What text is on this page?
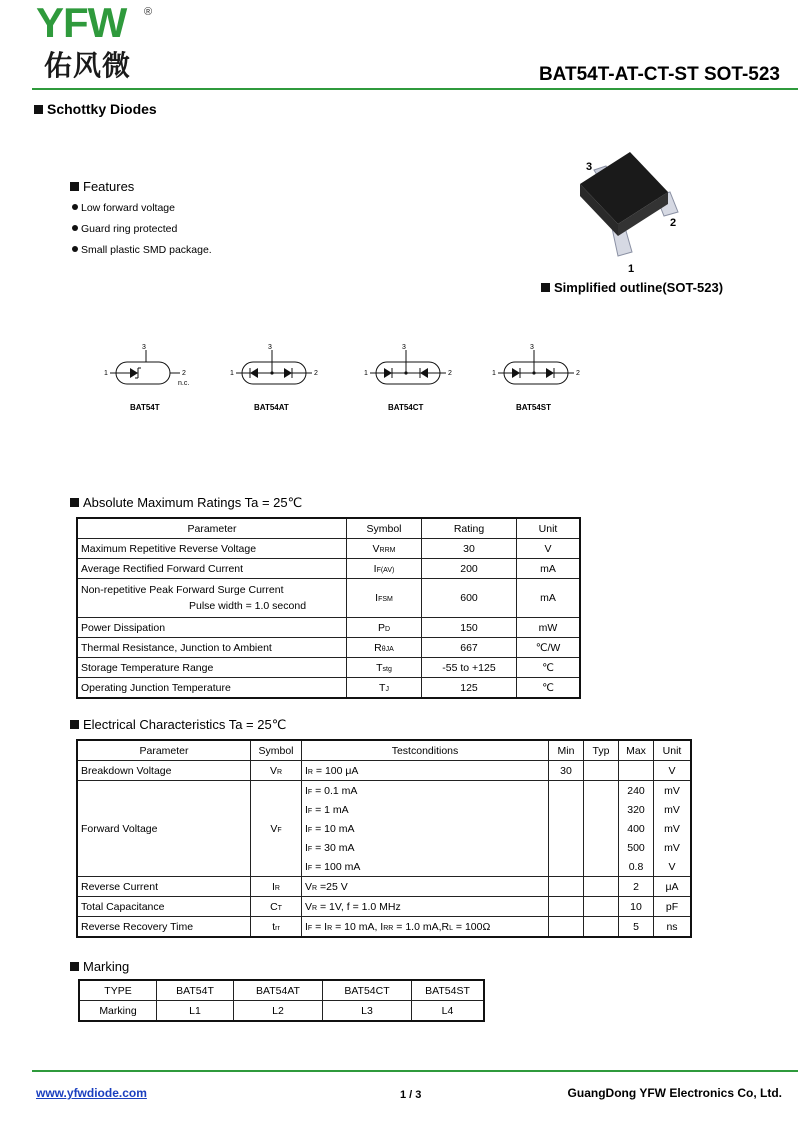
YFW ®
佑风微	BAT54T-AT-CT-ST SOT-523
Schottky Diodes
Features
Low forward voltage
Guard ring protected
Small plastic SMD package.
3
2
1
Simplified outline(SOT-523)
3
1	2
n.c.
BAT54T
3
1	2
BAT54AT
3
1	2
BAT54CT
3
1	2
BAT54ST
Absolute Maximum Ratings Ta = 25℃
Parameter	Symbol	Rating	Unit
Maximum Repetitive Reverse Voltage	VRRM	30	V
Average Rectified Forward Current	IF(AV)	200	mA

Non-repetitive Peak Forward Surge Current
Pulse width = 1.0 second	IFSM	600	mA
Power Dissipation	PD	150	mW
Thermal Resistance, Junction to Ambient	RθJA	667	℃/W
Storage Temperature Range	Tstg	-55 to +125	℃
Operating Junction Temperature	TJ	125	℃
Electrical Characteristics Ta = 25℃
Parameter	Symbol	Testconditions	Min	Typ	Max	Unit
Breakdown Voltage	VR	IR = 100 μA	30			V
Forward Voltage	VF	IF = 0.1 mA			240	mV
		IF = 1 mA			320	mV
		IF = 10 mA			400	mV
		IF = 30 mA			500	mV
		IF = 100 mA			0.8	V
Reverse Current	IR	VR =25 V			2	μA
Total Capacitance	CT	VR = 1V, f = 1.0 MHz			10	pF
Reverse Recovery Time	trr	IF = IR = 10 mA, IRR = 1.0 mA,RL = 100Ω			5	ns
Marking
TYPE	BAT54T	BAT54AT	BAT54CT	BAT54ST
Marking	L1	L2	L3	L4
www.yfwdiode.com	1 / 3	GuangDong YFW Electronics Co, Ltd.
